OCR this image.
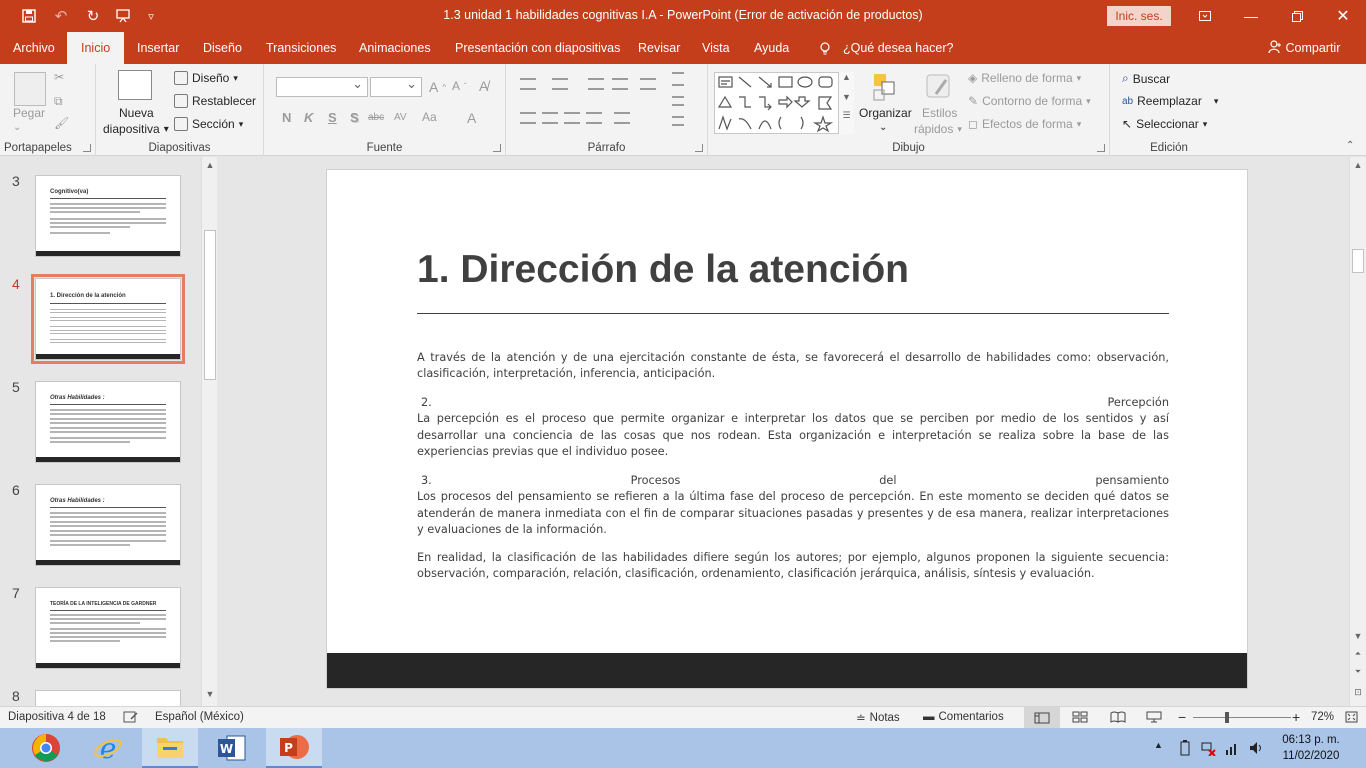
↶	↻	▿	1.3 unidad 1 habilidades cognitivas I.A - PowerPoint (Error de activación de productos)	Inic. ses.	—	✕
Archivo	Inicio	Insertar Diseño Transiciones Animaciones Presentación con diapositivas Revisar Vista Ayuda	¿Qué desea hacer?	Compartir
Pegar
⌄
✂
⧉
🖌
Portapapeles
Nueva
diapositiva ▾
Diseño ▾
Restablecer
Sección ▾
Diapositivas
⌄
⌄
A ^ A ˇ A̸
N K S S abc AV Aa A
Fuente	Párrafo
▲
▼
☰ Organizar
⌄
Estilos
rápidos ▾
◈ Relleno de forma ▾
✎ Contorno de forma ▾
◻ Efectos de forma ▾
Dibujo
⌕ Buscar
ab Reemplazar ▾
↖ Seleccionar ▾
Edición	⌃
3
Cognitivo(va)
4
1. Dirección de la atención
5
Otras Habilidades :
6
Otras Habilidades :
7
TEORÍA DE LA INTELIGENCIA DE GARDNER
8
▲
▼
1. Dirección de la atención
A través de la atención y de una ejercitación constante de ésta, se favorecerá el desarrollo de habilidades como: observación, clasificación, interpretación, inferencia, anticipación.
2.	Percepción
La percepción es el proceso que permite organizar e interpretar los datos que se perciben por medio de los sentidos y así desarrollar una conciencia de las cosas que nos rodean. Esta organización e interpretación se realiza sobre la base de las experiencias previas que el individuo posee.
3.	Procesos	del	pensamiento
Los procesos del pensamiento se refieren a la última fase del proceso de percepción. En este momento se deciden qué datos se atenderán de manera inmediata con el fin de comparar situaciones pasadas y presentes y de esa manera, realizar interpretaciones y evaluaciones de la información.
En realidad, la clasificación de las habilidades difiere según los autores; por ejemplo, algunos proponen la siguiente secuencia: observación, comparación, relación, clasificación, ordenamiento, clasificación jerárquica, análisis, síntesis y evaluación.
▲
▼
⏶
⏷
⊡
Diapositiva 4 de 18	Español (México)	≐ Notas ▬ Comentarios	−	+ 72%
e	W	P	▲	06:13 p. m.
11/02/2020
